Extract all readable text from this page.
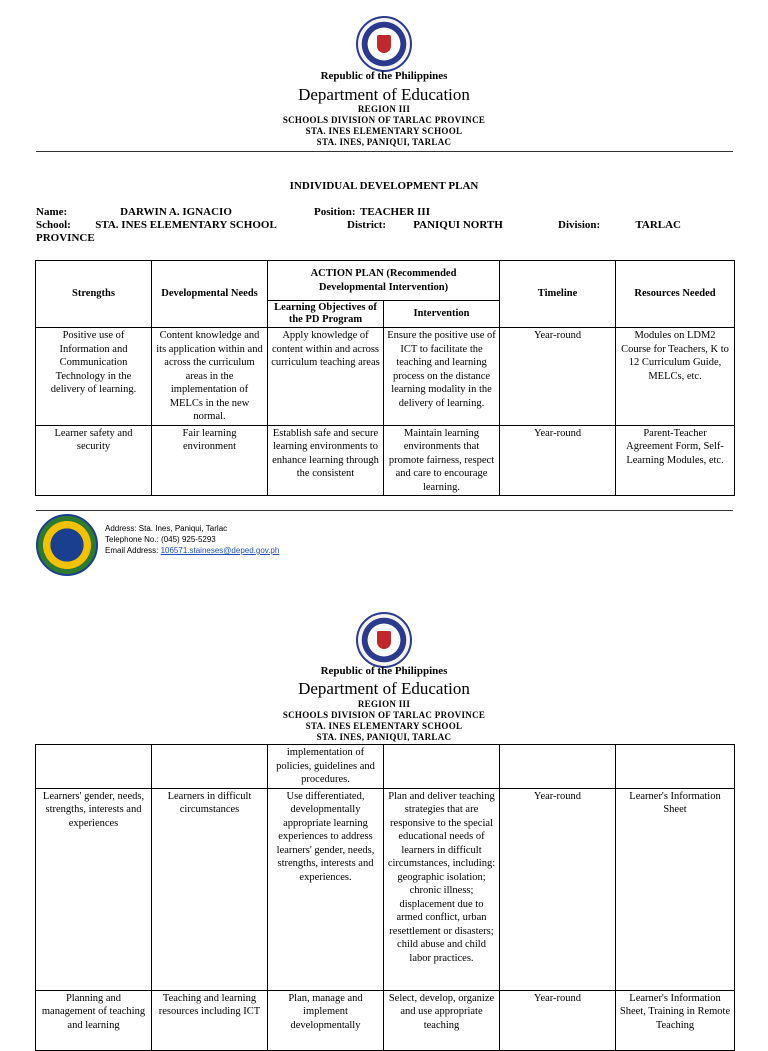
Republic of the Philippines
Department of Education
REGION III
SCHOOLS DIVISION OF TARLAC PROVINCE
STA. INES ELEMENTARY SCHOOL
STA. INES, PANIQUI, TARLAC
INDIVIDUAL DEVELOPMENT PLAN
Name:	DARWIN A. IGNACIO	Position: TEACHER III
School:	STA. INES ELEMENTARY SCHOOL	District:	PANIQUI NORTH	Division:	TARLAC
PROVINCE
Strengths	Developmental Needs	ACTION PLAN (Recommended Developmental Intervention)		Timeline	Resources Needed
		Learning Objectives of the PD Program	Intervention		
Positive use of Information and Communication Technology in the delivery of learning.	Content knowledge and its application within and across the curriculum areas in the implementation of MELCs in the new normal.	Apply knowledge of content within and across curriculum teaching areas	Ensure the positive use of ICT to facilitate the teaching and learning process on the distance learning modality in the delivery of learning.	Year-round	Modules on LDM2 Course for Teachers, K to 12 Curriculum Guide, MELCs, etc.
Learner safety and security	Fair learning environment	Establish safe and secure learning environments to enhance learning through the consistent	Maintain learning environments that promote fairness, respect and care to encourage learning.	Year-round	Parent-Teacher Agreement Form, Self-Learning Modules, etc.
Address: Sta. Ines, Paniqui, Tarlac
Telephone No.: (045) 925-5293
Email Address: 106571.staineses@deped.gov.ph
Republic of the Philippines
Department of Education
REGION III
SCHOOLS DIVISION OF TARLAC PROVINCE
STA. INES ELEMENTARY SCHOOL
STA. INES, PANIQUI, TARLAC
		implementation of policies, guidelines and procedures.			
Learners' gender, needs, strengths, interests and experiences	Learners in difficult circumstances	Use differentiated, developmentally appropriate learning experiences to address learners' gender, needs, strengths, interests and experiences.	Plan and deliver teaching strategies that are responsive to the special educational needs of learners in difficult circumstances, including: geographic isolation; chronic illness; displacement due to armed conflict, urban resettlement or disasters; child abuse and child labor practices.	Year-round	Learner's Information Sheet
Planning and management of teaching and learning	Teaching and learning resources including ICT	Plan, manage and implement developmentally	Select, develop, organize and use appropriate teaching	Year-round	Learner's Information Sheet, Training in Remote Teaching
